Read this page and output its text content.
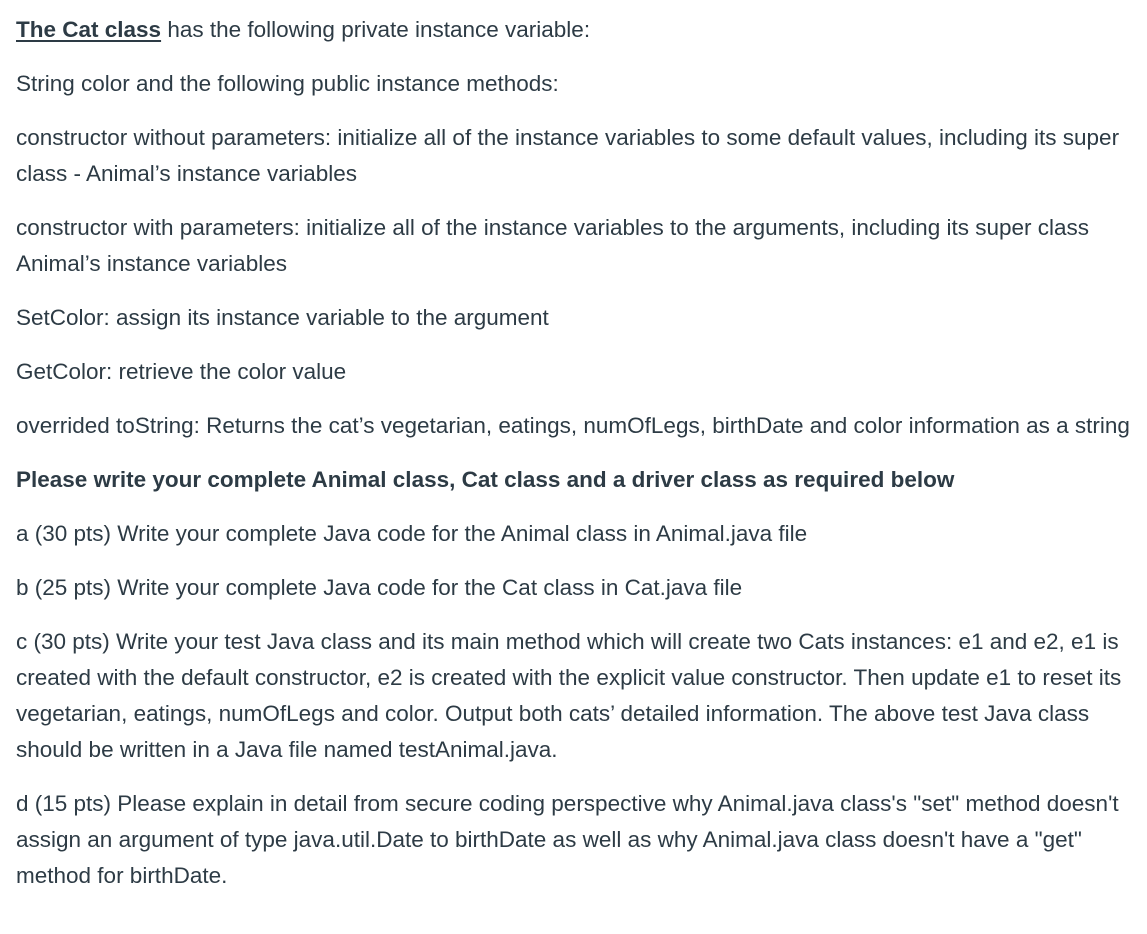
The Cat class has the following private instance variable:

String color and the following public instance methods:

constructor without parameters: initialize all of the instance variables to some default values, including its super class - Animal’s instance variables

constructor with parameters: initialize all of the instance variables to the arguments, including its super class Animal’s instance variables

SetColor: assign its instance variable to the argument

GetColor: retrieve the color value

overrided toString: Returns the cat’s vegetarian, eatings, numOfLegs, birthDate and color information as a string

Please write your complete Animal class, Cat class and a driver class as required below

a (30 pts) Write your complete Java code for the Animal class in Animal.java file

b (25 pts) Write your complete Java code for the Cat class in Cat.java file

c (30 pts) Write your test Java class and its main method which will create two Cats instances: e1 and e2, e1 is created with the default constructor, e2 is created with the explicit value constructor. Then update e1 to reset its vegetarian, eatings, numOfLegs and color. Output both cats’ detailed information. The above test Java class should be written in a Java file named testAnimal.java.

d (15 pts) Please explain in detail from secure coding perspective why Animal.java class's "set" method doesn't assign an argument of type java.util.Date to birthDate as well as why Animal.java class doesn't have a "get" method for birthDate.
